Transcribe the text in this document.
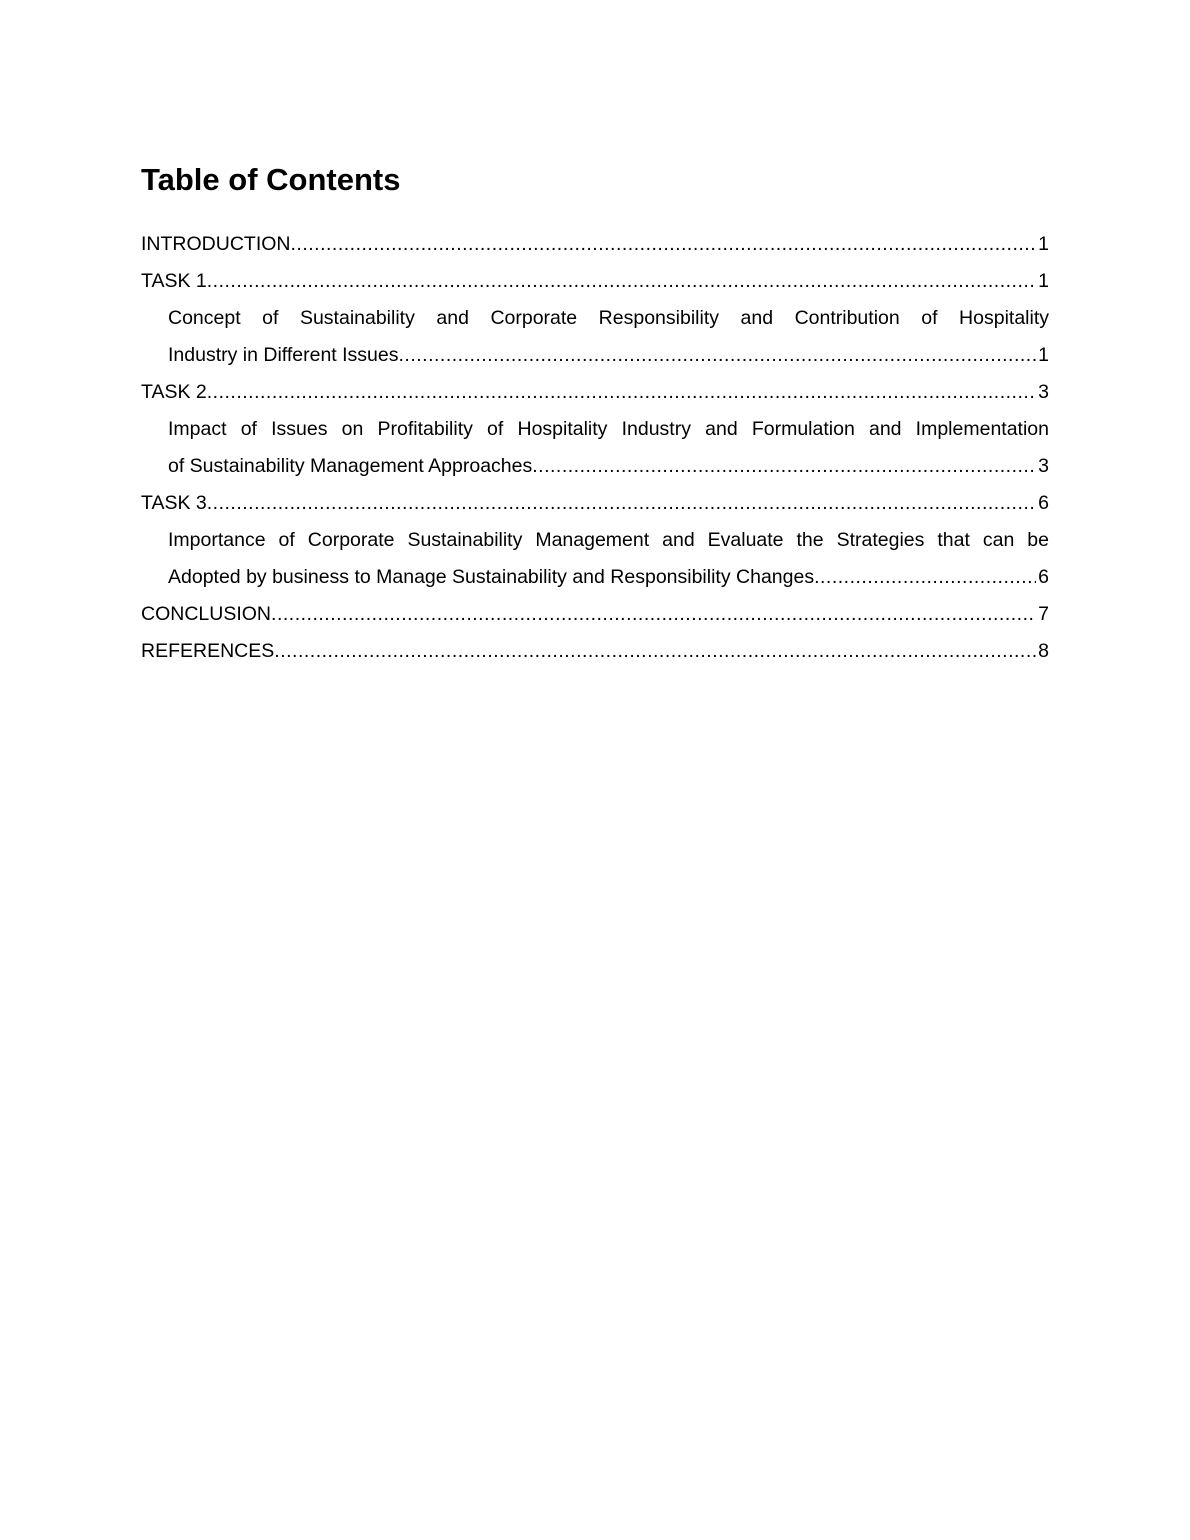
Table of Contents
INTRODUCTION .....	1
TASK 1 .....	1
Concept of Sustainability and Corporate Responsibility and Contribution of Hospitality
Industry in Different Issues .....	1
TASK 2 .....	3
Impact of Issues on Profitability of Hospitality Industry and Formulation and Implementation
of Sustainability Management Approaches .....	3
TASK 3 .....	6
Importance of Corporate Sustainability Management and Evaluate the Strategies that can be
Adopted by business to Manage Sustainability and Responsibility Changes .....	6
CONCLUSION .....	7
REFERENCES .....	8
